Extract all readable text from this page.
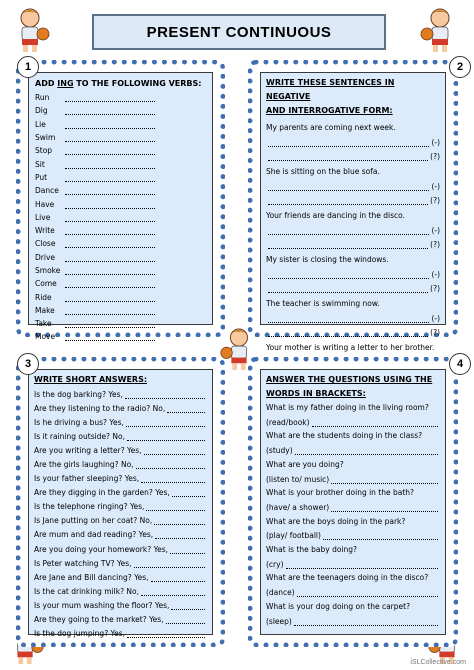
PRESENT CONTINUOUS
ADD ING TO THE FOLLOWING VERBS:
Run
Dig
Lie
Swim
Stop
Sit
Put
Dance
Have
Live
Write
Close
Drive
Smoke
Come
Ride
Make
Take
Move
1
WRITE THESE SENTENCES IN NEGATIVE
AND INTERROGATIVE FORM:
My parents are coming next week.
(-)
(?)
She is sitting on the blue sofa.
(-)
(?)
Your friends are dancing in the disco.
(-)
(?)
My sister is closing the windows.
(-)
(?)
The teacher is swimming now.
(-)
(?)
Your mother is writing a letter to her brother.
2
WRITE SHORT ANSWERS:
Is the dog barking? Yes,
Are they listening to the radio? No,
Is he driving a bus? Yes,
Is it raining outside? No,
Are you writing a letter? Yes,
Are the girls laughing? No,
Is your father sleeping? Yes,
Are they digging in the garden? Yes,
Is the telephone ringing? Yes,
Is Jane putting on her coat? No,
Are mum and dad reading? Yes,
Are you doing your homework? Yes,
Is Peter watching TV? Yes,
Are Jane and Bill dancing? Yes,
Is the cat drinking milk? No,
Is your mum washing the floor? Yes,
Are they going to the market? Yes,
Is the dog jumping? Yes,
3
ANSWER THE QUESTIONS USING THE
WORDS IN BRACKETS:
What is my father doing in the living room?
(read/book)
What are the students doing in the class?
(study)
What are you doing?
(listen to/ music)
What is your brother doing in the bath?
(have/ a shower)
What are the boys doing in the park?
(play/ football)
What is the baby doing?
(cry)
What are the teenagers doing in the disco?
(dance)
What is your dog doing on the carpet?
(sleep)
4
iSLCollective.com
